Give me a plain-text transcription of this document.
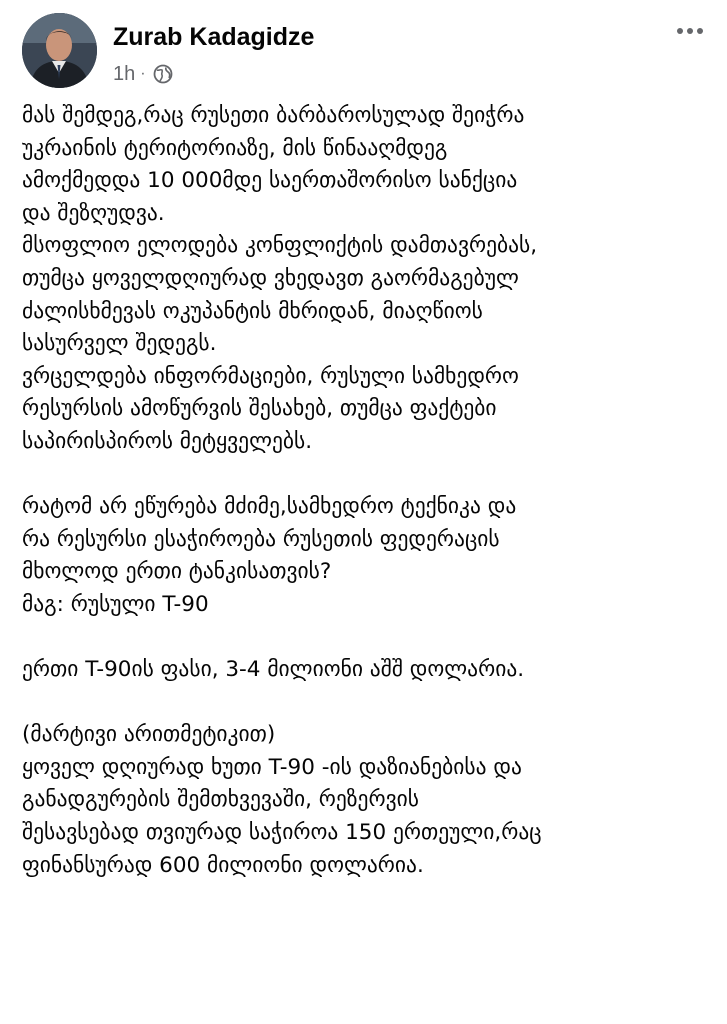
Zurab Kadagidze
1h ·
მას შემდეგ,რაც რუსეთი ბარბაროსულად შეიჭრა
უკრაინის ტერიტორიაზე, მის წინააღმდეგ
ამოქმედდა 10 000მდე საერთაშორისო სანქცია
და შეზღუდვა.
მსოფლიო ელოდება კონფლიქტის დამთავრებას,
თუმცა ყოველდღიურად ვხედავთ გაორმაგებულ
ძალისხმევას ოკუპანტის მხრიდან, მიაღწიოს
სასურველ შედეგს.
ვრცელდება ინფორმაციები, რუსული სამხედრო
რესურსის ამოწურვის შესახებ, თუმცა ფაქტები
საპირისპიროს მეტყველებს.
რატომ არ ეწურება მძიმე,სამხედრო ტექნიკა და
რა რესურსი ესაჭიროება რუსეთის ფედერაცის
მხოლოდ ერთი ტანკისათვის?
მაგ: რუსული T-90
ერთი T-90ის ფასი, 3-4 მილიონი აშშ დოლარია.
(მარტივი არითმეტიკით)
ყოველ დღიურად ხუთი T-90 -ის დაზიანებისა და
განადგურების შემთხვევაში, რეზერვის
შესავსებად თვიურად საჭიროა 150 ერთეული,რაც
ფინანსურად 600 მილიონი დოლარია.
